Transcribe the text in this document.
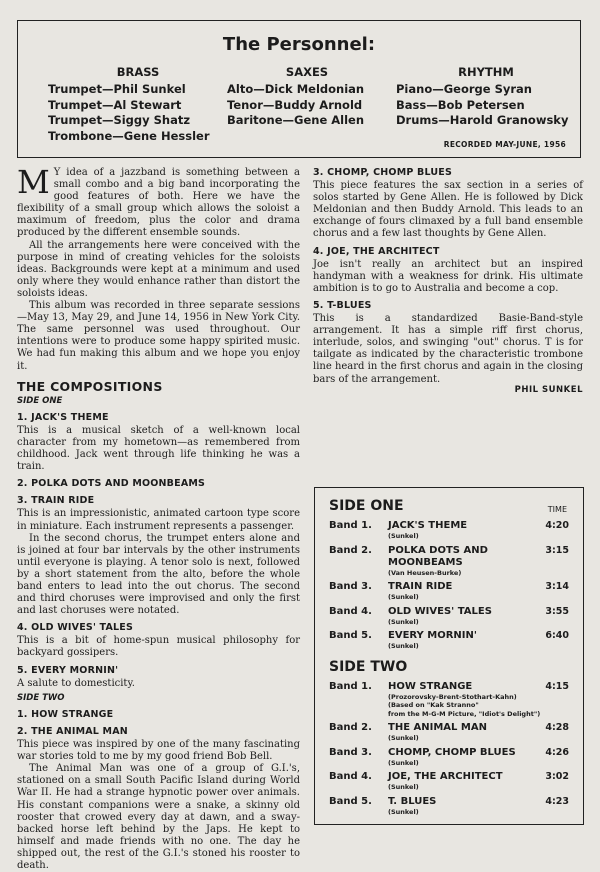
The Personnel:
BRASS
Trumpet—Phil Sunkel
Trumpet—Al Stewart
Trumpet—Siggy Shatz
Trombone—Gene Hessler
SAXES
Alto—Dick Meldonian
Tenor—Buddy Arnold
Baritone—Gene Allen
RHYTHM
Piano—George Syran
Bass—Bob Petersen
Drums—Harold Granowsky
RECORDED MAY-JUNE, 1956

M Y idea of a jazzband is something between a small combo and a big band incorporating the good features of both. Here we have the flexibility of a small group which allows the soloist a maximum of freedom, plus the color and drama produced by the different ensemble sounds.

All the arrangements here were conceived with the purpose in mind of creating vehicles for the soloists ideas. Backgrounds were kept at a minimum and used only where they would enhance rather than distort the soloists ideas.

This album was recorded in three separate sessions —May 13, May 29, and June 14, 1956 in New York City. The same personnel was used throughout. Our intentions were to produce some happy spirited music. We had fun making this album and we hope you enjoy it.

THE COMPOSITIONS
SIDE ONE
1. JACK'S THEME

This is a musical sketch of a well-known local character from my hometown—as remembered from childhood. Jack went through life thinking he was a train.

2. POLKA DOTS AND MOONBEAMS
3. TRAIN RIDE

This is an impressionistic, animated cartoon type score in miniature. Each instrument represents a passenger.

In the second chorus, the trumpet enters alone and is joined at four bar intervals by the other instruments until everyone is playing. A tenor solo is next, followed by a short statement from the alto, before the whole band enters to lead into the out chorus. The second and third choruses were improvised and only the first and last choruses were notated.

4. OLD WIVES' TALES

This is a bit of home-spun musical philosophy for backyard gossipers.

5. EVERY MORNIN'

A salute to domesticity.

SIDE TWO
1. HOW STRANGE
2. THE ANIMAL MAN

This piece was inspired by one of the many fascinating war stories told to me by my good friend Bob Bell.

The Animal Man was one of a group of G.I.'s, stationed on a small South Pacific Island during World War II. He had a strange hypnotic power over animals. His constant companions were a snake, a skinny old rooster that crowed every day at dawn, and a sway-backed horse left behind by the Japs. He kept to himself and made friends with no one. The day he shipped out, the rest of the G.I.'s stoned his rooster to death.

3. CHOMP, CHOMP BLUES

This piece features the sax section in a series of solos started by Gene Allen. He is followed by Dick Meldonian and then Buddy Arnold. This leads to an exchange of fours climaxed by a full band ensemble chorus and a few last thoughts by Gene Allen.

4. JOE, THE ARCHITECT

Joe isn't really an architect but an inspired handyman with a weakness for drink. His ultimate ambition is to go to Australia and become a cop.

5. T-BLUES

This is a standardized Basie-Band-style arrangement. It has a simple riff first chorus, interlude, solos, and swinging "out" chorus. T is for tailgate as indicated by the characteristic trombone line heard in the first chorus and again in the closing bars of the arrangement.

PHIL SUNKEL
SIDE ONE	TIME
Band 1.	JACK'S THEME	4:20
(Sunkel)
Band 2.	POLKA DOTS AND MOONBEAMS
3:15
(Van Heusen-Burke)
Band 3.	TRAIN RIDE	3:14
(Sunkel)
Band 4.	OLD WIVES' TALES	3:55
(Sunkel)
Band 5.	EVERY MORNIN'	6:40
(Sunkel)
SIDE TWO
Band 1.	HOW STRANGE	4:15
(Prozorovsky-Brent-Stothart-Kahn)
(Based on "Kak Stranno"
from the M-G-M Picture, "Idiot's Delight")
Band 2.	THE ANIMAL MAN	4:28
(Sunkel)
Band 3.	CHOMP, CHOMP BLUES	4:26
(Sunkel)
Band 4.	JOE, THE ARCHITECT	3:02
(Sunkel)
Band 5.	T. BLUES	4:23
(Sunkel)
